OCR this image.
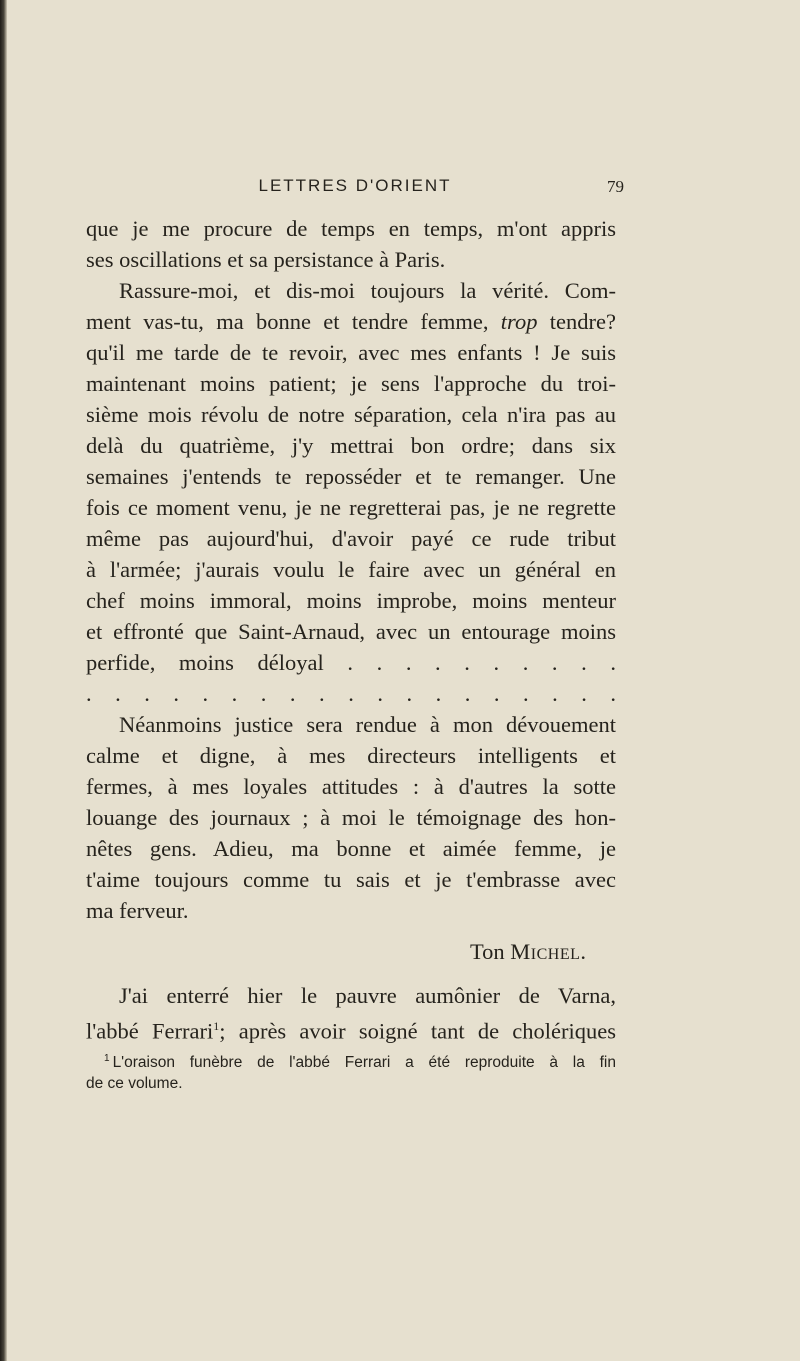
LETTRES D'ORIENT	79
que je me procure de temps en temps, m'ont appris
ses oscillations et sa persistance à Paris.
Rassure-moi, et dis-moi toujours la vérité. Com-
ment vas-tu, ma bonne et tendre femme, trop tendre?
qu'il me tarde de te revoir, avec mes enfants ! Je suis
maintenant moins patient; je sens l'approche du troi-
sième mois révolu de notre séparation, cela n'ira pas au
delà du quatrième, j'y mettrai bon ordre; dans six
semaines j'entends te reposséder et te remanger. Une
fois ce moment venu, je ne regretterai pas, je ne regrette
même pas aujourd'hui, d'avoir payé ce rude tribut
à l'armée; j'aurais voulu le faire avec un général en
chef moins immoral, moins improbe, moins menteur
et effronté que Saint-Arnaud, avec un entourage moins
perfide, moins déloyal . . . . . . . . . .
. . . . . . . . . . . . . . . . . . .
Néanmoins justice sera rendue à mon dévouement
calme et digne, à mes directeurs intelligents et
fermes, à mes loyales attitudes : à d'autres la sotte
louange des journaux ; à moi le témoignage des hon-
nêtes gens. Adieu, ma bonne et aimée femme, je
t'aime toujours comme tu sais et je t'embrasse avec
ma ferveur.
Ton Michel.
J'ai enterré hier le pauvre aumônier de Varna,
l'abbé Ferrari$^1$; après avoir soigné tant de cholériques
$^1$ L'oraison funèbre de l'abbé Ferrari a été reproduite à la fin
de ce volume.
